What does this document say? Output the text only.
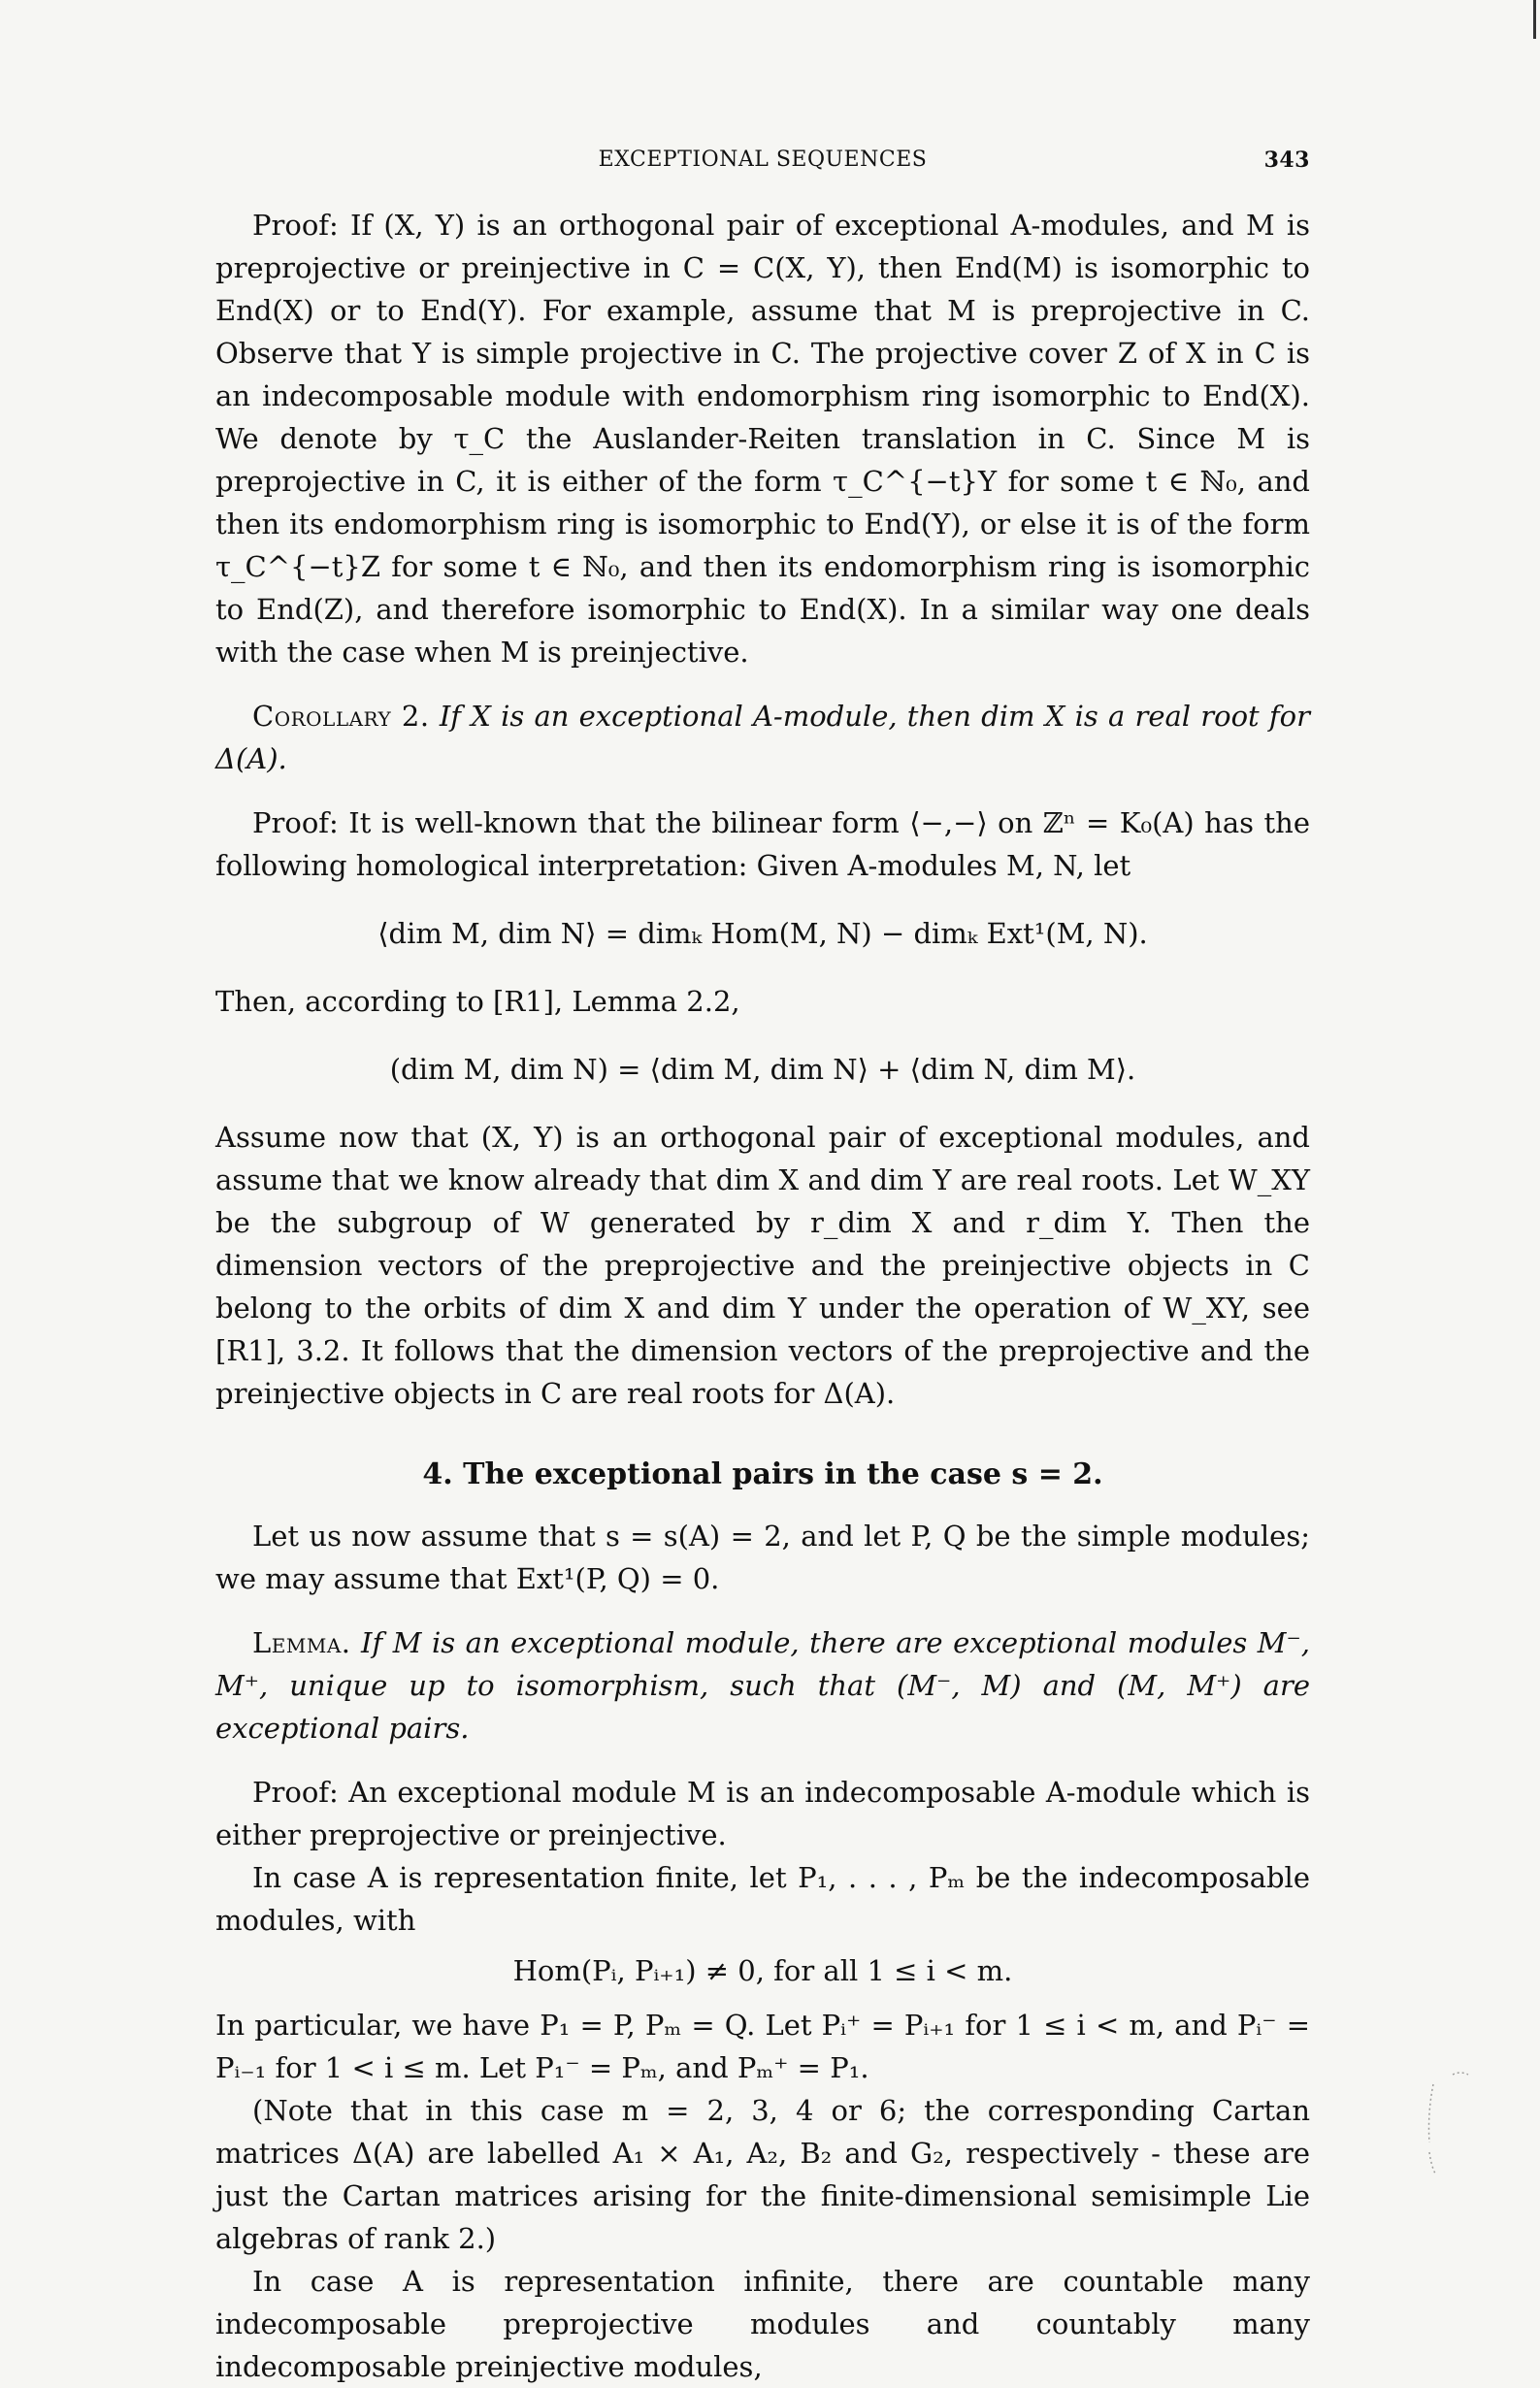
EXCEPTIONAL SEQUENCES	343

Proof: If (X, Y) is an orthogonal pair of exceptional A-modules, and M is preprojective or preinjective in C = C(X, Y), then End(M) is isomorphic to End(X) or to End(Y). For example, assume that M is preprojective in C. Observe that Y is simple projective in C. The projective cover Z of X in C is an indecomposable module with endomorphism ring isomorphic to End(X). We denote by τ_C the Auslander-Reiten translation in C. Since M is preprojective in C, it is either of the form τ_C^{−t}Y for some t ∈ ℕ₀, and then its endomorphism ring is isomorphic to End(Y), or else it is of the form τ_C^{−t}Z for some t ∈ ℕ₀, and then its endomorphism ring is isomorphic to End(Z), and therefore isomorphic to End(X). In a similar way one deals with the case when M is preinjective.

Corollary 2. If X is an exceptional A-module, then dim X is a real root for Δ(A).

Proof: It is well-known that the bilinear form ⟨−,−⟩ on ℤⁿ = K₀(A) has the following homological interpretation: Given A-modules M, N, let

⟨dim M, dim N⟩ = dimₖ Hom(M, N) − dimₖ Ext¹(M, N).

Then, according to [R1], Lemma 2.2,

(dim M, dim N) = ⟨dim M, dim N⟩ + ⟨dim N, dim M⟩.

Assume now that (X, Y) is an orthogonal pair of exceptional modules, and assume that we know already that dim X and dim Y are real roots. Let W_XY be the subgroup of W generated by r_dim X and r_dim Y. Then the dimension vectors of the preprojective and the preinjective objects in C belong to the orbits of dim X and dim Y under the operation of W_XY, see [R1], 3.2. It follows that the dimension vectors of the preprojective and the preinjective objects in C are real roots for Δ(A).

4. The exceptional pairs in the case s = 2.

Let us now assume that s = s(A) = 2, and let P, Q be the simple modules; we may assume that Ext¹(P, Q) = 0.

Lemma. If M is an exceptional module, there are exceptional modules M⁻, M⁺, unique up to isomorphism, such that (M⁻, M) and (M, M⁺) are exceptional pairs.

Proof: An exceptional module M is an indecomposable A-module which is either preprojective or preinjective.

In case A is representation finite, let P₁, . . . , Pₘ be the indecomposable modules, with

Hom(Pᵢ, Pᵢ₊₁) ≠ 0, for all 1 ≤ i < m.

In particular, we have P₁ = P, Pₘ = Q. Let Pᵢ⁺ = Pᵢ₊₁ for 1 ≤ i < m, and Pᵢ⁻ = Pᵢ₋₁ for 1 < i ≤ m. Let P₁⁻ = Pₘ, and Pₘ⁺ = P₁.

(Note that in this case m = 2, 3, 4 or 6; the corresponding Cartan matrices Δ(A) are labelled A₁ × A₁, A₂, B₂ and G₂, respectively - these are just the Cartan matrices arising for the finite-dimensional semisimple Lie algebras of rank 2.)

In case A is representation infinite, there are countable many indecomposable preprojective modules and countably many indecomposable preinjective modules,
